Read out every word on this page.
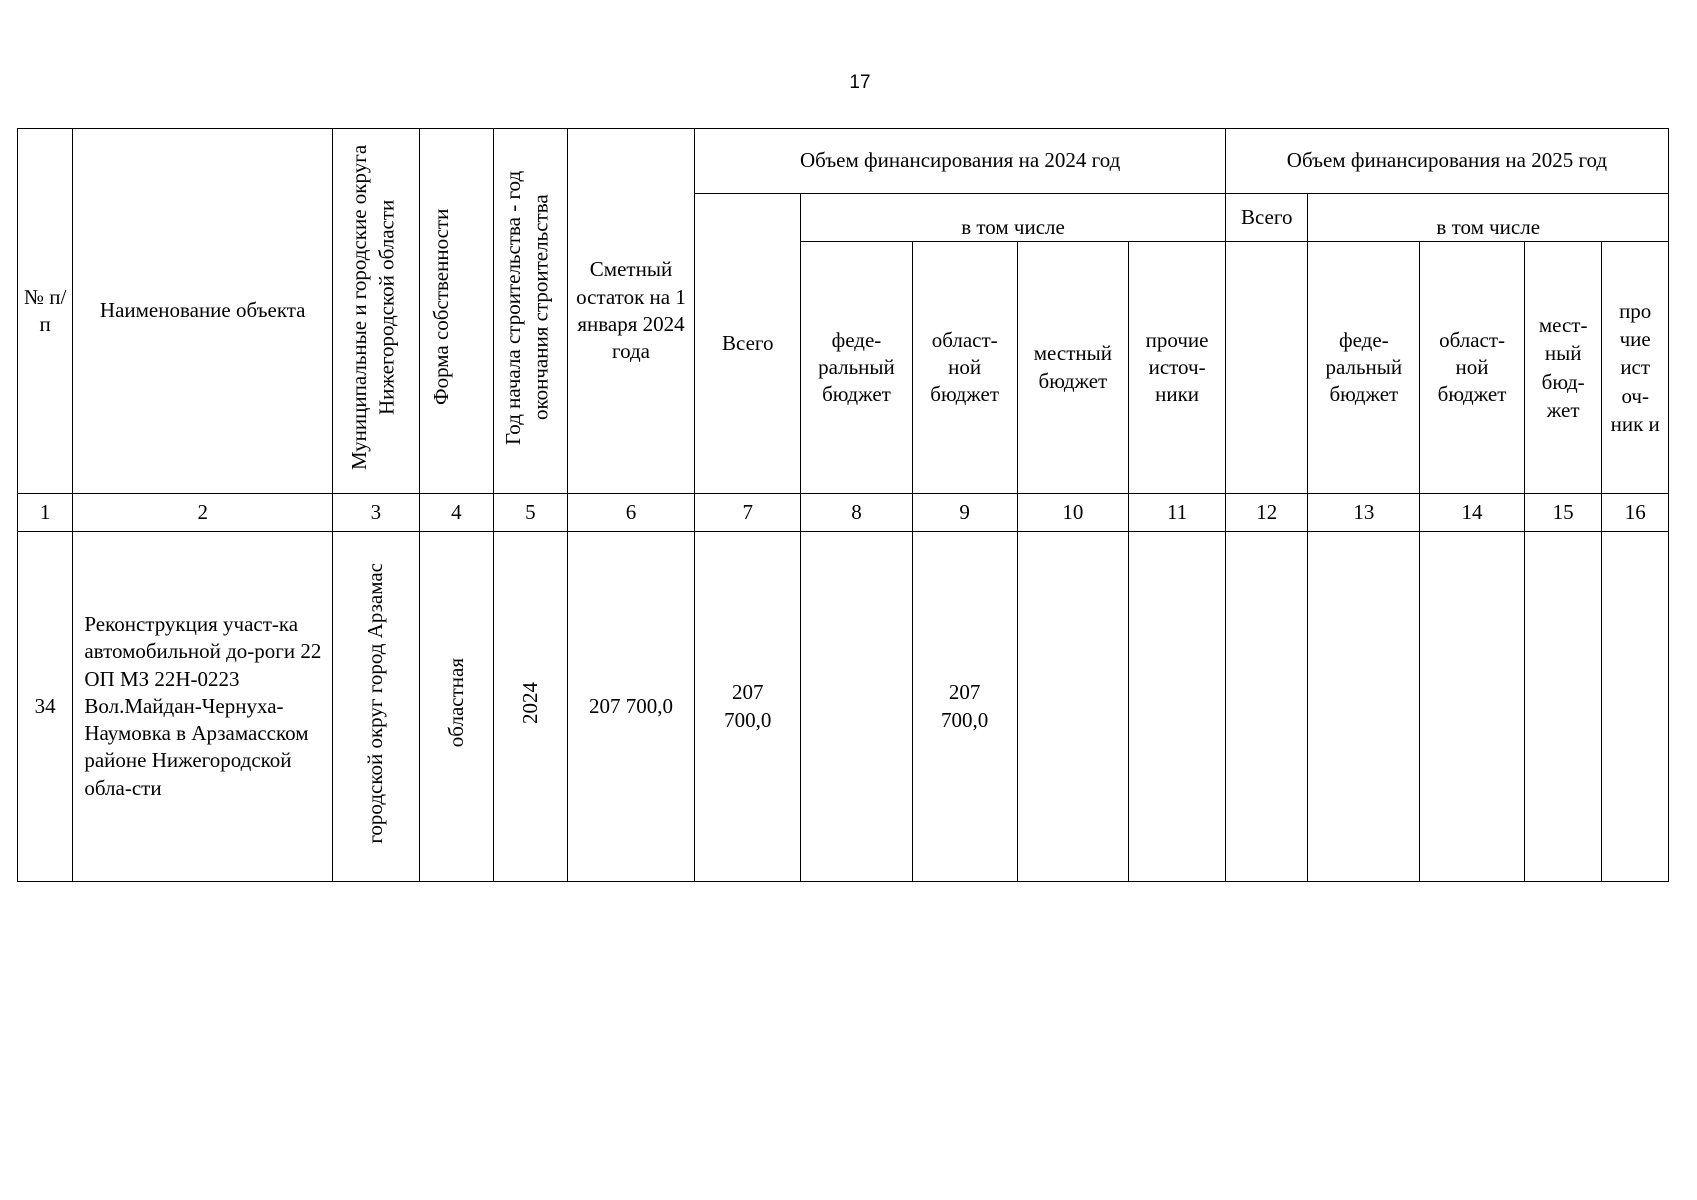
17
№ п/п	Наименование объекта	Муниципальные и городские округа Нижегородской области	Форма собственности	Год начала строительства - год окончания строительства	Сметный остаток на 1 января 2024 года	Объем финансирования на 2024 год					Объем финансирования на 2025 год				
						Всего	в том числе				Всего	в том числе			
							феде-ральный бюджет	област-ной бюджет	местный бюджет	прочие источ-ники		феде-ральный бюджет	област-ной бюджет	мест-ный бюд-жет	про чие ист оч-ник и
1	2	3	4	5	6	7	8	9	10	11	12	13	14	15	16
34	Реконструкция участ-ка автомобильной до-роги 22 ОП МЗ 22Н-0223 Вол.Майдан-Чернуха-Наумовка в Арзамасском районе Нижегородской обла-сти	городской округ город Арзамас	областная	2024	207 700,0	207 700,0		207 700,0							
